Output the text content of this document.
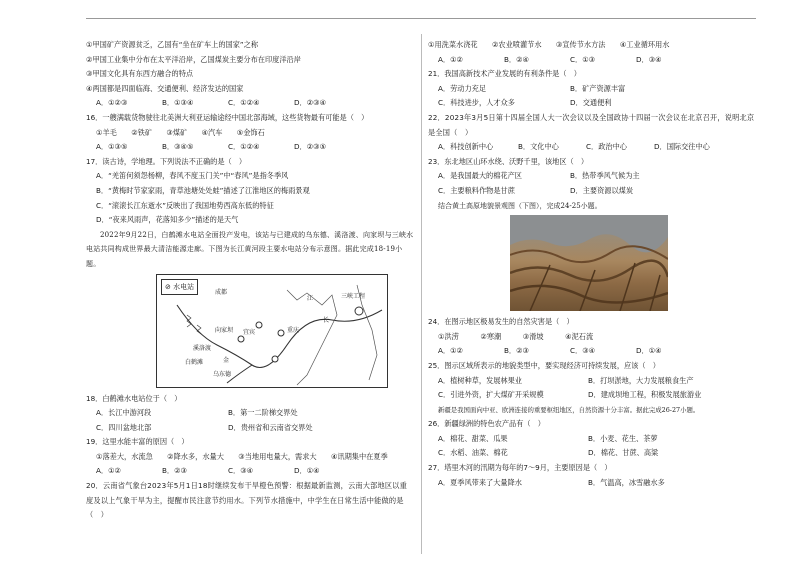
①甲国矿产资源贫乏，乙国有“坐在矿车上的国家”之称
②甲国工业集中分布在太平洋沿岸，乙国煤炭主要分布在印度洋沿岸
③甲国文化具有东西方融合的特点
④两国都是四面临海、交通便利、经济发达的国家
A．①②③	B．①③④	C．①②④	D．②③④
16．一艘满载货物驶往北美洲大利亚运输途经中国北部海域，这些货物最有可能是（　）
①羊毛　　②铁矿　　③煤矿　　④汽车　　⑤金饰石
A．①③⑤	B．③④⑤	C．①②④	D．②③⑤
17．读古诗，学地理。下列说法不正确的是（　）
A．“羌笛何须怨杨柳，春风不度玉门关”中“春风”是指冬季风
B．“黄梅时节家家雨，青草池塘处处蛙”描述了江淮地区的梅雨景观
C．“滚滚长江东逝水”反映出了我国地势西高东低的特征
D．“夜来风雨声，花落知多少”描述的是天气
2022年9月22日，白鹤滩水电站全面投产发电，该站与已建成的乌东德、溪洛渡、向家坝与三峡水电站共同构成世界最大清洁能源走廊。下图为长江黄河段主要水电站分布示意图。据此完成18-19小题。
⊘ 水电站
成都
江	三峡工程
长
向家坝 宜宾	重庆
溪洛渡
白鹤滩
乌东德
金
18．白鹤滩水电站位于（　）
A．长江中游河段	B．第一二阶梯交界处
C．四川盆地北部	D．贵州省和云南省交界处
19．这里水能丰富的原因（　）
①落差大，水流急　　②降水多，水量大　　③当地用电量大，需求大　　④讯期集中在夏季
A．①②	B．②③	C．③④	D．①④
20．云南省气象台2023年5月1日18时继续发布干旱橙色预警：根据最新监测，云南大部地区以重度及以上气象干旱为主，提醒市民注意节约用水。下列节水措施中，中学生在日常生活中能做的是（　）
①用洗菜水浇花　　②农业喷灌节水　　③宣传节水方法　　④工业循环用水
A．①②	B．②④	C．①③	D．③④
21．我国高新技术产业发展的有利条件是（　）
A．劳动力充足	B．矿产资源丰富
C．科技进步，人才众多	D．交通便利
22．2023年3月5日第十四届全国人大一次会议以及全国政协十四届一次会议在北京召开，说明北京是全国（　）
A．科技创新中心	B．文化中心	C．政治中心	D．国际交往中心
23．东北地区山环水绕、沃野千里，该地区（　）
A．是我国最大的棉花产区	B．热带季风气候为主
C．主要粮料作物是甘蔗	D．主要资源以煤炭
结合黄土高原地貌景观图（下图），完成24-25小题。
24．在图示地区极易发生的自然灾害是（　）
①洪涝　　　②寒潮　　　③滑坡　　　④泥石流
A．①②	B．②③	C．③④	D．①④
25．图示区域所表示的地貌类型中，要实现经济可持续发展，应该（　）
A．植树种草，发展林果业	B．打坝淤地，大力发展粮食生产
C．引进外资，扩大煤矿开采规模	D．建成坝地工程，积极发展旅游业
新疆是我国面向中亚、欧洲连接的重要枢纽地区，自然资源十分丰富。据此完成26-27小题。
26．新疆绿洲的特色农产品有（　）
A．棉花、甜菜、瓜果	B．小麦、花生、茶萝
C．水稻、油菜、棉花	D．棉花、甘蔗、高粱
27．塔里木河的汛期为每年的7～9月，主要原因是（　）
A．夏季风带来了大量降水	B．气温高，冰雪融水多
